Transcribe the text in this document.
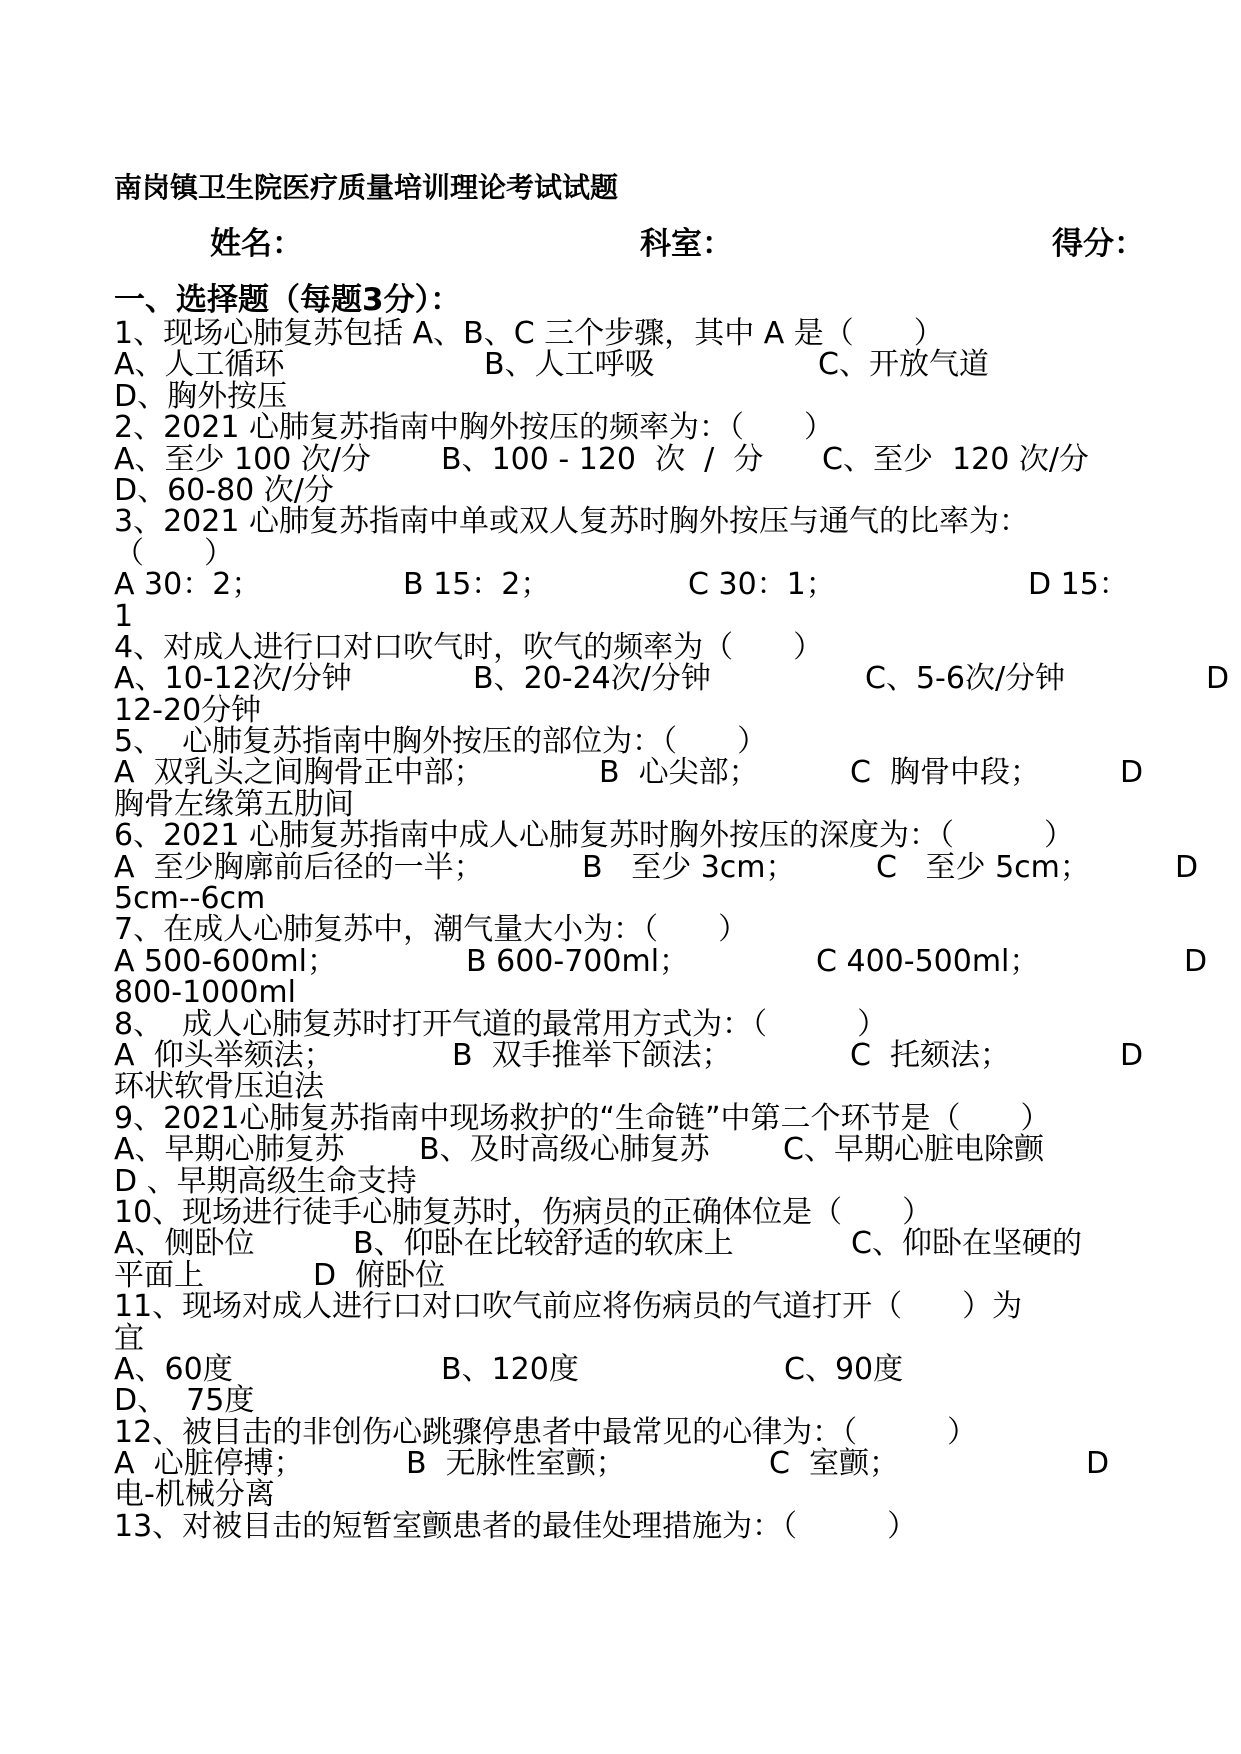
南岗镇卫生院医疗质量培训理论考试试题
姓名：	科室：	得分：
一、选择题（每题3分）：
1、现场心肺复苏包括 A、B、C 三个步骤，其中 A 是（　　）
A、人工循环	B、人工呼吸	C、开放气道
D、胸外按压
2、2021 心肺复苏指南中胸外按压的频率为：（　　）
A、至少 100 次/分 B、100 - 120  次  /  分 C、至少  120 次/分
D、60-80 次/分
3、2021 心肺复苏指南中单或双人复苏时胸外按压与通气的比率为：
（　　）
A 30：2；	B 15：2；	C 30：1；	D 15：
1
4、对成人进行口对口吹气时，吹气的频率为（　　）
A、10-12次/分钟	B、20-24次/分钟	C、5-6次/分钟	D
12-20分钟
5、  心肺复苏指南中胸外按压的部位为：（　　）
A  双乳头之间胸骨正中部；	B  心尖部；	C  胸骨中段；	D
胸骨左缘第五肋间
6、2021 心肺复苏指南中成人心肺复苏时胸外按压的深度为：（　　　）
A  至少胸廓前后径的一半；	B   至少 3cm；	C   至少 5cm；	D
5cm--6cm
7、在成人心肺复苏中，潮气量大小为：（　　）
A 500-600ml；	B 600-700ml；	C 400-500ml；	D
800-1000ml
8、  成人心肺复苏时打开气道的最常用方式为：（　　　）
A  仰头举颏法；	B  双手推举下颌法；	C  托颏法；	D
环状软骨压迫法
9、2021心肺复苏指南中现场救护的“生命链”中第二个环节是（　　）
A、早期心肺复苏 B、及时高级心肺复苏 C、早期心脏电除颤
D 、早期高级生命支持
10、现场进行徒手心肺复苏时，伤病员的正确体位是（　　）
A、侧卧位	B、仰卧在比较舒适的软床上	C、仰卧在坚硬的
平面上	D  俯卧位
11、现场对成人进行口对口吹气前应将伤病员的气道打开（　　）为
宜
A、60度	B、120度	C、90度
D、  75度
12、被目击的非创伤心跳骤停患者中最常见的心律为：（　　　）
A  心脏停搏；	B  无脉性室颤；	C  室颤；	D
电-机械分离
13、对被目击的短暂室颤患者的最佳处理措施为：（　　　）
